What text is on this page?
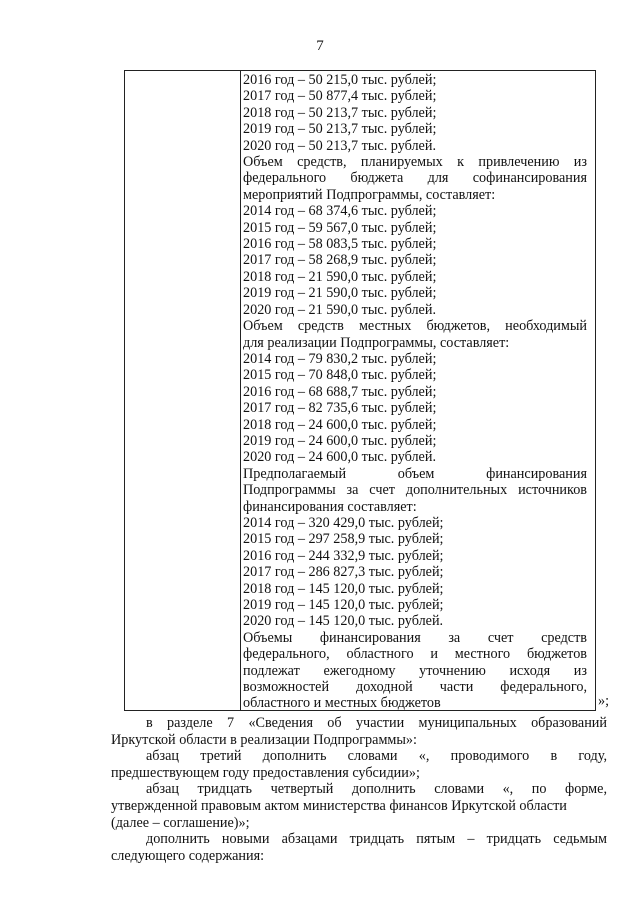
7
2016 год – 50 215,0 тыс. рублей;
2017 год – 50 877,4 тыс. рублей;
2018 год – 50 213,7 тыс. рублей;
2019 год – 50 213,7 тыс. рублей;
2020 год – 50 213,7 тыс. рублей.
Объем средств, планируемых к привлечению из
федерального бюджета для софинансирования
мероприятий Подпрограммы, составляет:
2014 год – 68 374,6 тыс. рублей;
2015 год – 59 567,0 тыс. рублей;
2016 год – 58 083,5 тыс. рублей;
2017 год – 58 268,9 тыс. рублей;
2018 год – 21 590,0 тыс. рублей;
2019 год – 21 590,0 тыс. рублей;
2020 год – 21 590,0 тыс. рублей.
Объем средств местных бюджетов, необходимый
для реализации Подпрограммы, составляет:
2014 год – 79 830,2 тыс. рублей;
2015 год – 70 848,0 тыс. рублей;
2016 год – 68 688,7 тыс. рублей;
2017 год – 82 735,6 тыс. рублей;
2018 год – 24 600,0 тыс. рублей;
2019 год – 24 600,0 тыс. рублей;
2020 год – 24 600,0 тыс. рублей.
Предполагаемый объем финансирования
Подпрограммы за счет дополнительных источников
финансирования составляет:
2014 год – 320 429,0 тыс. рублей;
2015 год – 297 258,9 тыс. рублей;
2016 год – 244 332,9 тыс. рублей;
2017 год – 286 827,3 тыс. рублей;
2018 год – 145 120,0 тыс. рублей;
2019 год – 145 120,0 тыс. рублей;
2020 год – 145 120,0 тыс. рублей.
Объемы финансирования за счет средств
федерального, областного и местного бюджетов
подлежат ежегодному уточнению исходя из
возможностей доходной части федерального,
областного и местных бюджетов	»;
в разделе 7 «Сведения об участии муниципальных образований
Иркутской области в реализации Подпрограммы»:
абзац третий дополнить словами «, проводимого в году,
предшествующем году предоставления субсидии»;
абзац тридцать четвертый дополнить словами «, по форме,
утвержденной правовым актом министерства финансов Иркутской области
(далее – соглашение)»;
дополнить новыми абзацами тридцать пятым – тридцать седьмым
следующего содержания:
